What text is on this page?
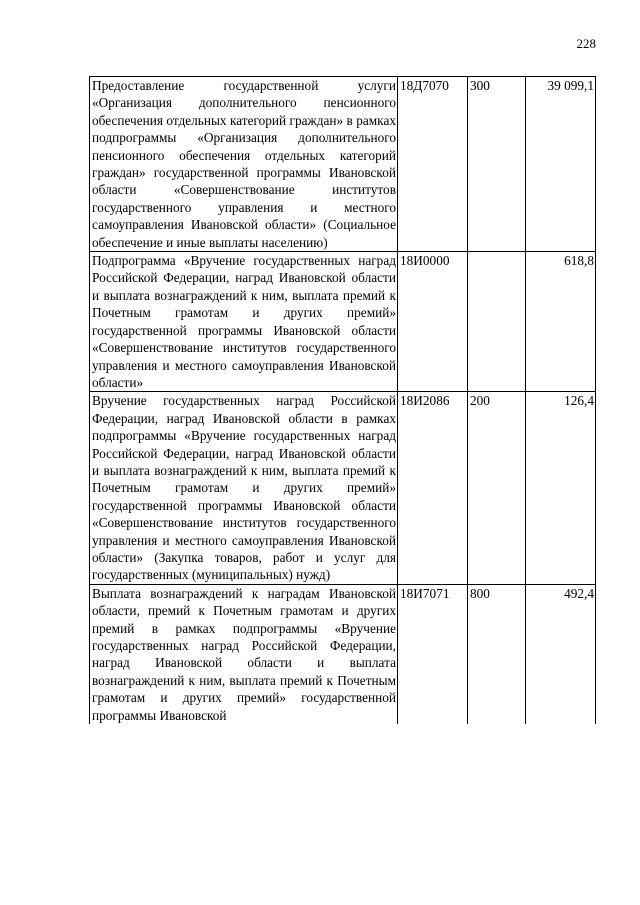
228
Предоставление государственной услуги «Организация дополнительного пенсионного обеспечения отдельных категорий граждан» в рамках подпрограммы «Организация дополнительного пенсионного обеспечения отдельных категорий граждан» государственной программы Ивановской области «Совершенствование институтов государственного управления и местного самоуправления Ивановской области» (Социальное обеспечение и иные выплаты населению)	18Д7070	300	39 099,1
Подпрограмма «Вручение государственных наград Российской Федерации, наград Ивановской области и выплата вознаграждений к ним, выплата премий к Почетным грамотам и других премий» государственной программы Ивановской области «Совершенствование институтов государственного управления и местного самоуправления Ивановской области»	18И0000		618,8
Вручение государственных наград Российской Федерации, наград Ивановской области в рамках подпрограммы «Вручение государственных наград Российской Федерации, наград Ивановской области и выплата вознаграждений к ним, выплата премий к Почетным грамотам и других премий» государственной программы Ивановской области «Совершенствование институтов государственного управления и местного самоуправления Ивановской области» (Закупка товаров, работ и услуг для государственных (муниципальных) нужд)	18И2086	200	126,4
Выплата вознаграждений к наградам Ивановской области, премий к Почетным грамотам и других премий в рамках подпрограммы «Вручение государственных наград Российской Федерации, наград Ивановской области и выплата вознаграждений к ним, выплата премий к Почетным грамотам и других премий» государственной программы Ивановской	18И7071	800	492,4
